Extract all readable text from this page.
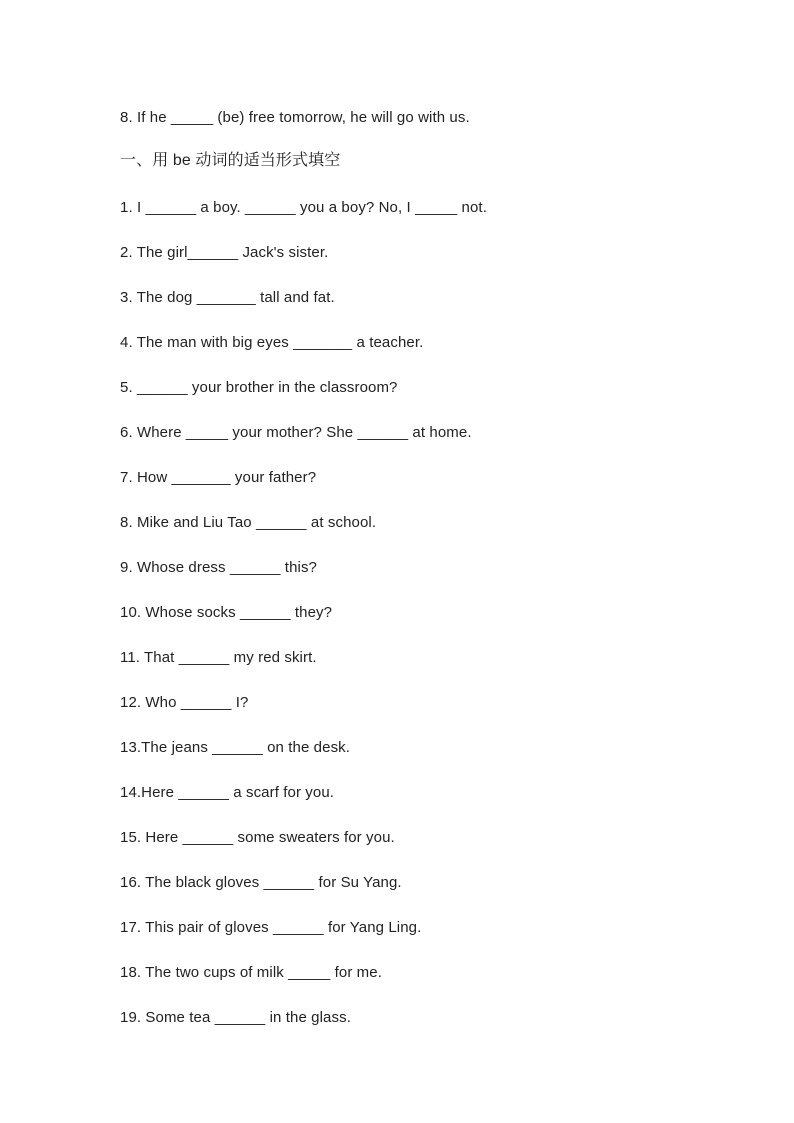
8. If he _____ (be) free tomorrow, he will go with us.
一、用 be 动词的适当形式填空
1. I ______ a boy. ______ you a boy? No, I _____ not.
2. The girl______ Jack's sister.
3. The dog _______ tall and fat.
4. The man with big eyes _______ a teacher.
5. ______ your brother in the classroom?
6. Where _____ your mother? She ______ at home.
7. How _______ your father?
8. Mike and Liu Tao ______ at school.
9. Whose dress ______ this?
10. Whose socks ______ they?
11. That ______ my red skirt.
12. Who ______ I?
13.The jeans ______ on the desk.
14.Here ______ a scarf for you.
15. Here ______ some sweaters for you.
16. The black gloves ______ for Su Yang.
17. This pair of gloves ______ for Yang Ling.
18. The two cups of milk _____ for me.
19. Some tea ______ in the glass.
